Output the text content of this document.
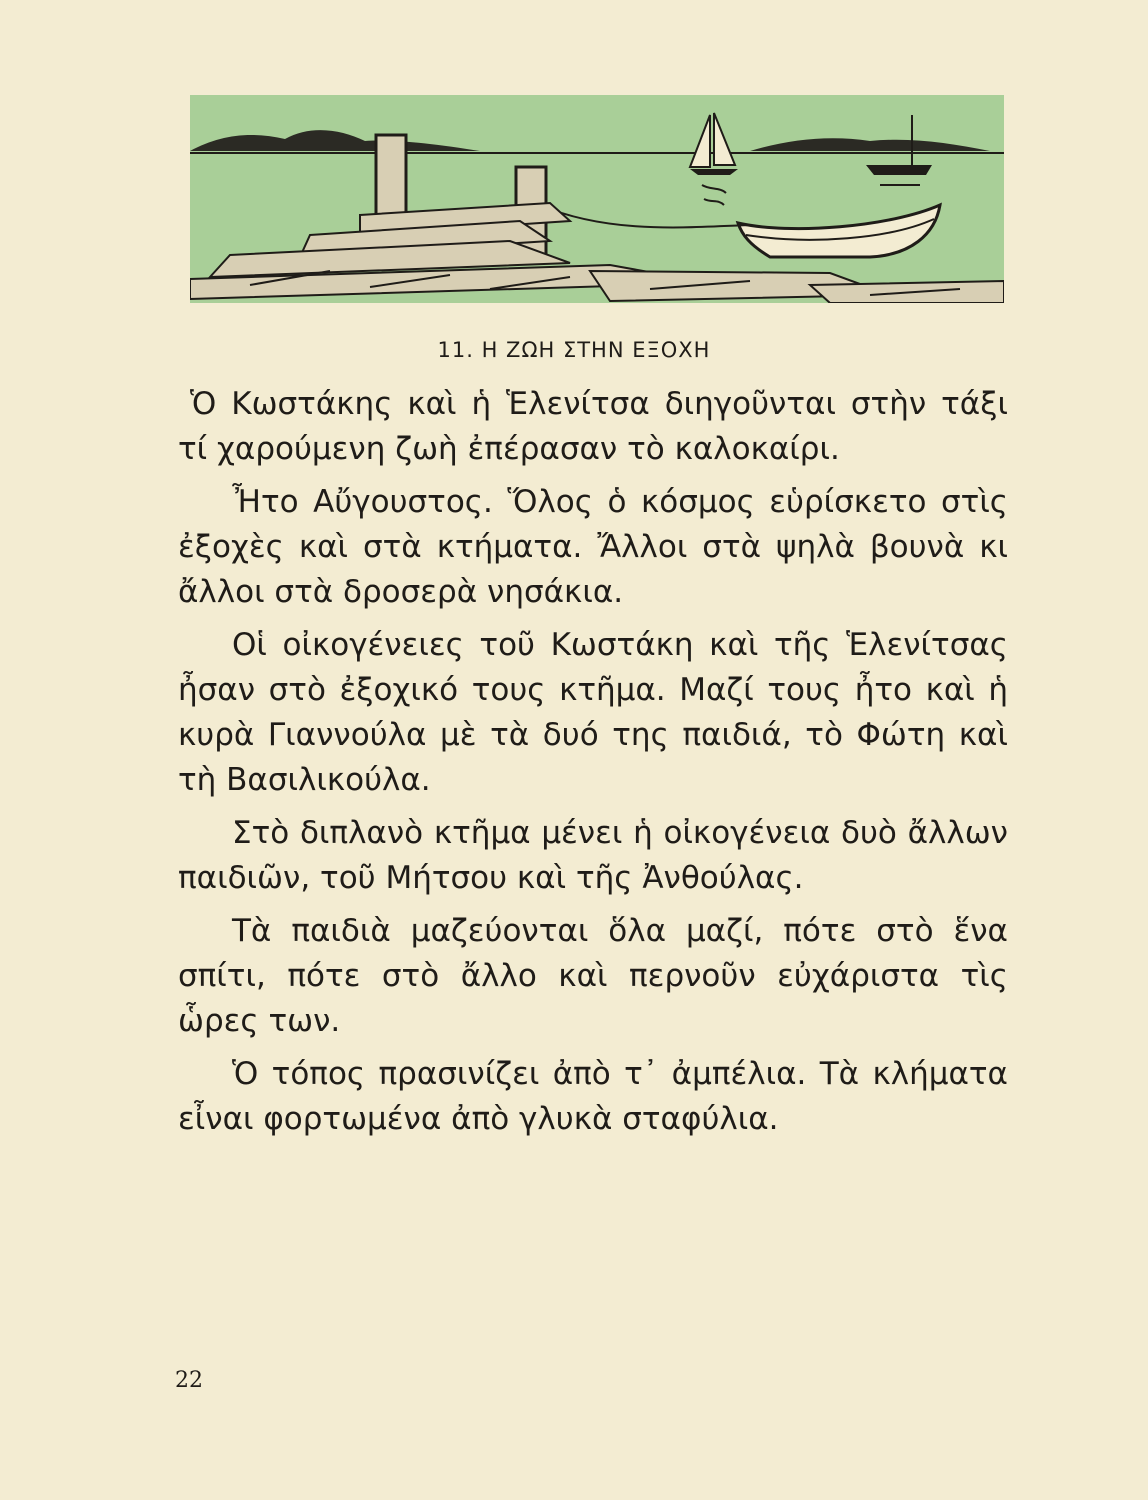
11. Η ΖΩΗ ΣΤΗΝ ΕΞΟΧΗ

Ὁ Κωστάκης καὶ ἡ Ἑλενίτσα διηγοῦνται στὴν τάξι τί χαρούμενη ζωὴ ἐπέρασαν τὸ καλοκαίρι.

Ἦτο Αὔγουστος. Ὅλος ὁ κόσμος εὑρίσκετο στὶς ἐξοχὲς καὶ στὰ κτήματα. Ἄλλοι στὰ ψηλὰ βουνὰ κι ἄλλοι στὰ δροσερὰ νησάκια.

Οἱ οἰκογένειες τοῦ Κωστάκη καὶ τῆς Ἑλενίτσας ἦσαν στὸ ἐξοχικό τους κτῆμα. Μαζί τους ἦτο καὶ ἡ κυρὰ Γιαννούλα μὲ τὰ δυό της παιδιά, τὸ Φώτη καὶ τὴ Βασιλικούλα.

Στὸ διπλανὸ κτῆμα μένει ἡ οἰκογένεια δυὸ ἄλλων παιδιῶν, τοῦ Μήτσου καὶ τῆς Ἀνθούλας.

Τὰ παιδιὰ μαζεύονται ὅλα μαζί, πότε στὸ ἕνα σπίτι, πότε στὸ ἄλλο καὶ περνοῦν εὐχάριστα τὶς ὧρες των.

Ὁ τόπος πρασινίζει ἀπὸ τ᾿ ἀμπέλια. Τὰ κλήματα εἶναι φορτωμένα ἀπὸ γλυκὰ σταφύλια.

22
